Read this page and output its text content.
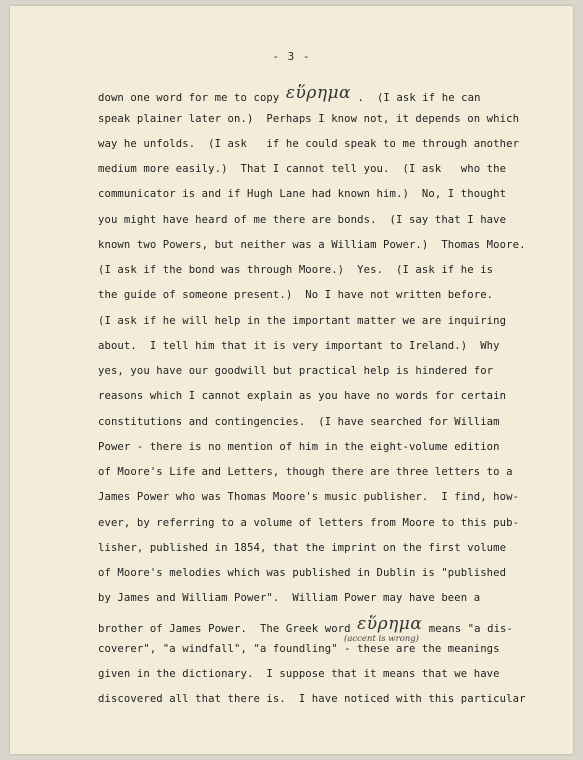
- 3 -
down one word for me to copy εὕρημα .  (I ask if he can
speak plainer later on.)  Perhaps I know not, it depends on which
way he unfolds.  (I ask   if he could speak to me through another
medium more easily.)  That I cannot tell you.  (I ask   who the
communicator is and if Hugh Lane had known him.)  No, I thought
you might have heard of me there are bonds.  (I say that I have
known two Powers, but neither was a William Power.)  Thomas Moore.
(I ask if the bond was through Moore.)  Yes.  (I ask if he is
the guide of someone present.)  No I have not written before.
(I ask if he will help in the important matter we are inquiring
about.  I tell him that it is very important to Ireland.)  Why
yes, you have our goodwill but practical help is hindered for
reasons which I cannot explain as you have no words for certain
constitutions and contingencies.  (I have searched for William
Power - there is no mention of him in the eight-volume edition
of Moore's Life and Letters, though there are three letters to a
James Power who was Thomas Moore's music publisher.  I find, how-
ever, by referring to a volume of letters from Moore to this pub-
lisher, published in 1854, that the imprint on the first volume
of Moore's melodies which was published in Dublin is "published
by James and William Power".  William Power may have been a
brother of James Power.  The Greek word εὕρημα means "a dis-
(accent is wrong)
coverer", "a windfall", "a foundling" - these are the meanings
given in the dictionary.  I suppose that it means that we have
discovered all that there is.  I have noticed with this particular
